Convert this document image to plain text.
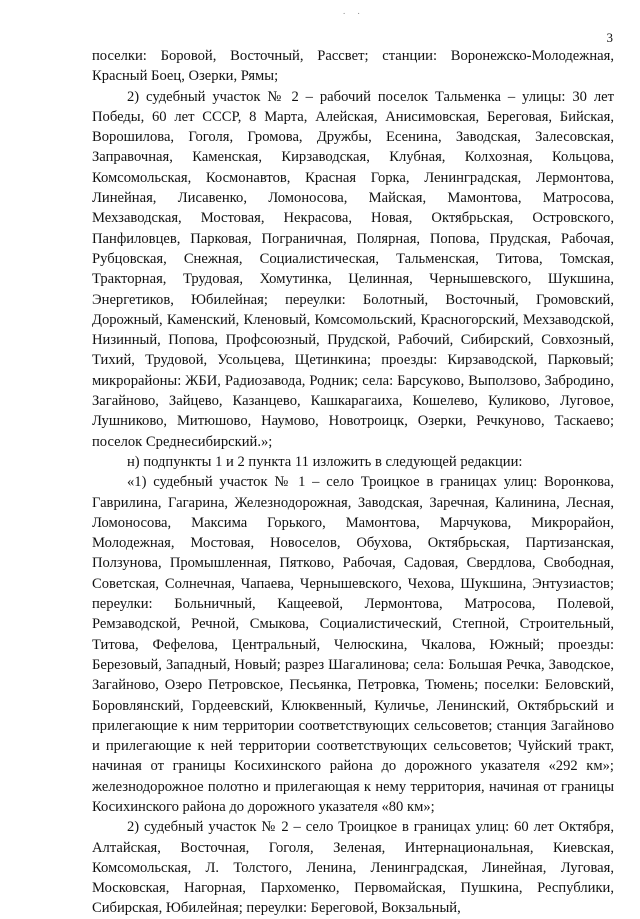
. .
3

поселки: Боровой, Восточный, Рассвет; станции: Воронежско-Молодежная, Красный Боец, Озерки, Рямы;

2) судебный участок № 2 – рабочий поселок Тальменка – улицы: 30 лет Победы, 60 лет СССР, 8 Марта, Алейская, Анисимовская, Береговая, Бийская, Ворошилова, Гоголя, Громова, Дружбы, Есенина, Заводская, Залесовская, Заправочная, Каменская, Кирзаводская, Клубная, Колхозная, Кольцова, Комсомольская, Космонавтов, Красная Горка, Ленинградская, Лермонтова, Линейная, Лисавенко, Ломоносова, Майская, Мамонтова, Матросова, Мехзаводская, Мостовая, Некрасова, Новая, Октябрьская, Островского, Панфиловцев, Парковая, Пограничная, Полярная, Попова, Прудская, Рабочая, Рубцовская, Снежная, Социалистическая, Тальменская, Титова, Томская, Тракторная, Трудовая, Хомутинка, Целинная, Чернышевского, Шукшина, Энергетиков, Юбилейная; переулки: Болотный, Восточный, Громовский, Дорожный, Каменский, Кленовый, Комсомольский, Красногорский, Мехзаводской, Низинный, Попова, Профсоюзный, Прудской, Рабочий, Сибирский, Совхозный, Тихий, Трудовой, Усольцева, Щетинкина; проезды: Кирзаводской, Парковый; микрорайоны: ЖБИ, Радиозавода, Родник; села: Барсуково, Выползово, Забродино, Загайново, Зайцево, Казанцево, Кашкарагаиха, Кошелево, Куликово, Луговое, Лушниково, Митюшово, Наумово, Новотроицк, Озерки, Речкуново, Таскаево; поселок Среднесибирский.»;

н) подпункты 1 и 2 пункта 11 изложить в следующей редакции:

«1) судебный участок № 1 – село Троицкое в границах улиц: Воронкова, Гаврилина, Гагарина, Железнодорожная, Заводская, Заречная, Калинина, Лесная, Ломоносова, Максима Горького, Мамонтова, Марчукова, Микрорайон, Молодежная, Мостовая, Новоселов, Обухова, Октябрьская, Партизанская, Ползунова, Промышленная, Пятково, Рабочая, Садовая, Свердлова, Свободная, Советская, Солнечная, Чапаева, Чернышевского, Чехова, Шукшина, Энтузиастов; переулки: Больничный, Кащеевой, Лермонтова, Матросова, Полевой, Ремзаводской, Речной, Смыкова, Социалистический, Степной, Строительный, Титова, Фефелова, Центральный, Челюскина, Чкалова, Южный; проезды: Березовый, Западный, Новый; разрез Шагалинова; села: Большая Речка, Заводское, Загайново, Озеро Петровское, Песьянка, Петровка, Тюмень; поселки: Беловский, Боровлянский, Гордеевский, Клюквенный, Куличье, Ленинский, Октябрьский и прилегающие к ним территории соответствующих сельсоветов; станция Загайново и прилегающие к ней территории соответствующих сельсоветов; Чуйский тракт, начиная от границы Косихинского района до дорожного указателя «292 км»; железнодорожное полотно и прилегающая к нему территория, начиная от границы Косихинского района до дорожного указателя «80 км»;

2) судебный участок № 2 – село Троицкое в границах улиц: 60 лет Октября, Алтайская, Восточная, Гоголя, Зеленая, Интернациональная, Киевская, Комсомольская, Л. Толстого, Ленина, Ленинградская, Линейная, Луговая, Московская, Нагорная, Пархоменко, Первомайская, Пушкина, Республики, Сибирская, Юбилейная; переулки: Береговой, Вокзальный,
